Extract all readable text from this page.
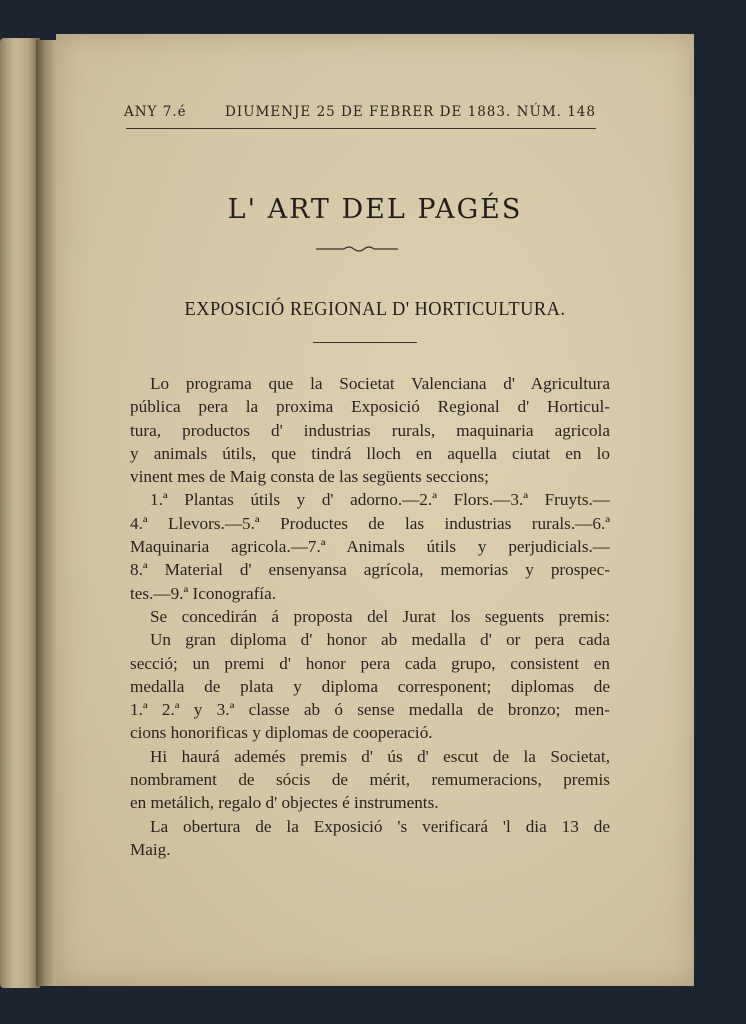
ANY 7.é	DIUMENJE 25 DE FEBRER DE 1883. NÚM. 148
L' ART DEL PAGÉS
EXPOSICIÓ REGIONAL D' HORTICULTURA.
Lo programa que la Societat Valenciana d' Agricultura
pública pera la proxima Exposició Regional d' Horticul-
tura, productos d' industrias rurals, maquinaria agricola
y animals útils, que tindrá lloch en aquella ciutat en lo
vinent mes de Maig consta de las següents seccions;
1.ª Plantas útils y d' adorno.—2.ª Flors.—3.ª Fruyts.—
4.ª Llevors.—5.ª Productes de las industrias rurals.—6.ª
Maquinaria agricola.—7.ª Animals útils y perjudicials.—
8.ª Material d' ensenyansa agrícola, memorias y prospec-
tes.—9.ª Iconografía.
Se concedirán á proposta del Jurat los seguents premis:
Un gran diploma d' honor ab medalla d' or pera cada
secció; un premi d' honor pera cada grupo, consistent en
medalla de plata y diploma corresponent; diplomas de
1.ª 2.ª y 3.ª classe ab ó sense medalla de bronzo; men-
cions honorificas y diplomas de cooperació.
Hi haurá ademés premis d' ús d' escut de la Societat,
nombrament de sócis de mérit, remumeracions, premis
en metálich, regalo d' objectes é instruments.
La obertura de la Exposició 's verificará 'l dia 13 de
Maig.
